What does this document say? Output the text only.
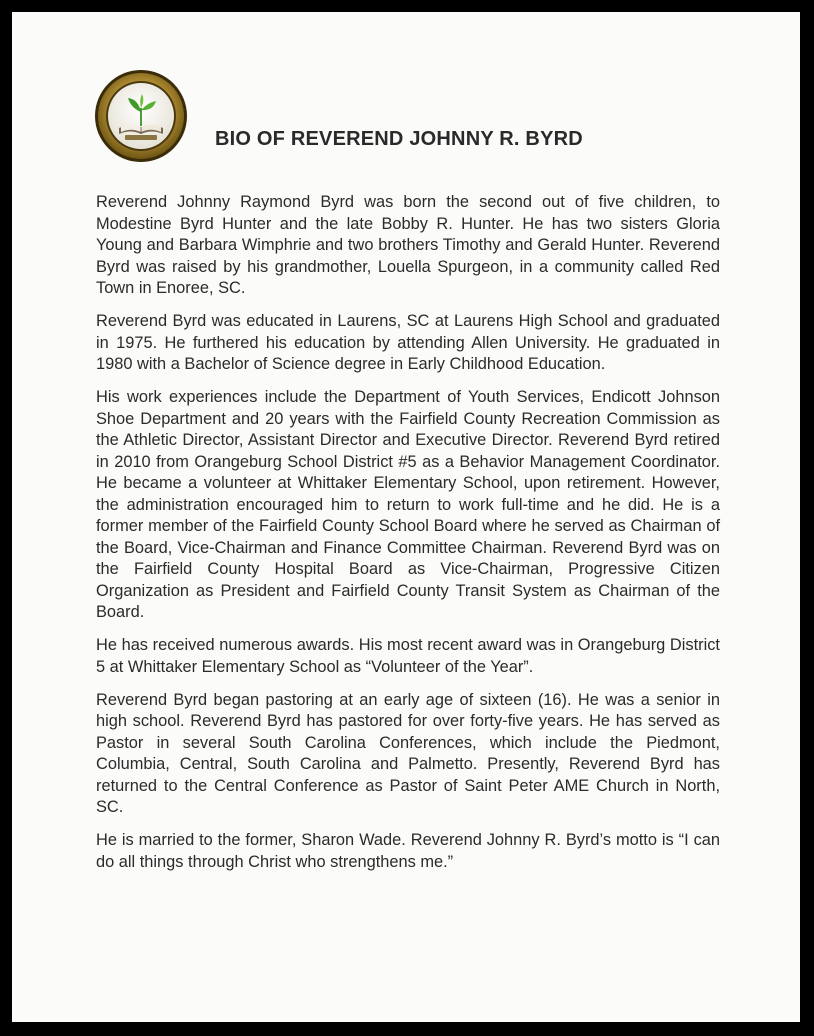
BIO OF REVEREND JOHNNY R. BYRD

Reverend Johnny Raymond Byrd was born the second out of five children, to Modestine Byrd Hunter and the late Bobby R. Hunter. He has two sisters Gloria Young and Barbara Wimphrie and two brothers Timothy and Gerald Hunter. Reverend Byrd was raised by his grandmother, Louella Spurgeon, in a community called Red Town in Enoree, SC.

Reverend Byrd was educated in Laurens, SC at Laurens High School and graduated in 1975. He furthered his education by attending Allen University. He graduated in 1980 with a Bachelor of Science degree in Early Childhood Education.

His work experiences include the Department of Youth Services, Endicott Johnson Shoe Department and 20 years with the Fairfield County Recreation Commission as the Athletic Director, Assistant Director and Executive Director. Reverend Byrd retired in 2010 from Orangeburg School District #5 as a Behavior Management Coordinator. He became a volunteer at Whittaker Elementary School, upon retirement. However, the administration encouraged him to return to work full-time and he did. He is a former member of the Fairfield County School Board where he served as Chairman of the Board, Vice-Chairman and Finance Committee Chairman. Reverend Byrd was on the Fairfield County Hospital Board as Vice-Chairman, Progressive Citizen Organization as President and Fairfield County Transit System as Chairman of the Board.

He has received numerous awards. His most recent award was in Orangeburg District 5 at Whittaker Elementary School as “Volunteer of the Year”.

Reverend Byrd began pastoring at an early age of sixteen (16). He was a senior in high school. Reverend Byrd has pastored for over forty-five years. He has served as Pastor in several South Carolina Conferences, which include the Piedmont, Columbia, Central, South Carolina and Palmetto. Presently, Reverend Byrd has returned to the Central Conference as Pastor of Saint Peter AME Church in North, SC.

He is married to the former, Sharon Wade. Reverend Johnny R. Byrd’s motto is “I can do all things through Christ who strengthens me.”
